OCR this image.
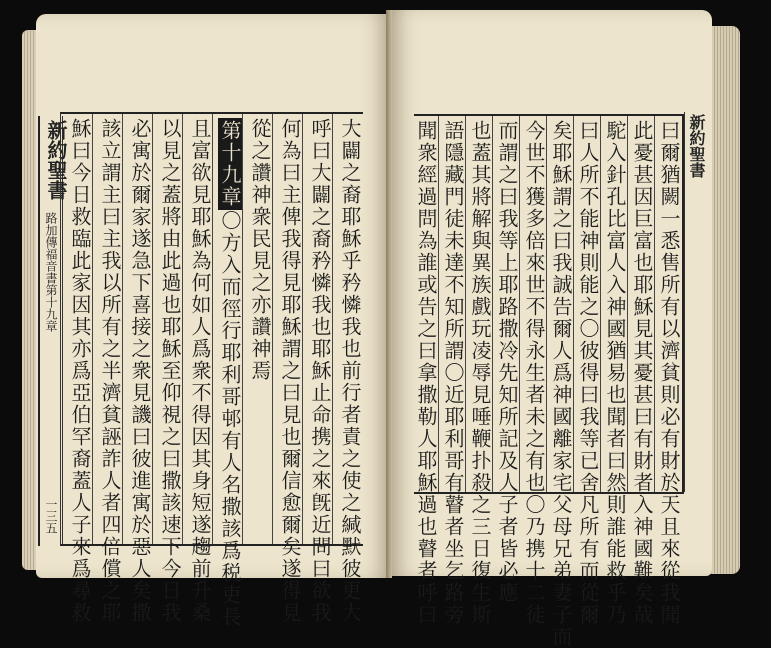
新約聖書
路加傳福音書第十九章
一三五	大闢之裔耶穌乎矜憐我也前行者責之使之緘默彼更大
呼曰大闢之裔矜憐我也耶穌止命携之來旣近問曰欲我
何為曰主俾我得見耶穌謂之曰見也爾信愈爾矣遂得見
從之讚神衆民見之亦讚神焉
第十九章〇方入而徑行耶利哥邨有人名撒該爲税吏長
且富欲見耶穌為何如人爲衆不得因其身短遂趨前升桑
以見之蓋將由此過也耶穌至仰視之曰撒該速下今日我
必寓於爾家遂急下喜接之衆見譏曰彼進寓於惡人矣撒
該立謂主曰主我以所有之半濟貧誣詐人者四倍償之耶
穌曰今日救臨此家因其亦爲亞伯罕裔蓋人子來爲尋救	曰爾猶闕一悉售所有以濟貧則必有財於天且來從我聞
此憂甚因巨富也耶穌見其憂甚曰有財者入神國難矣哉
駝入針孔比富人入神國猶易也聞者曰然則誰能救乎乃
曰人所不能神則能之〇彼得曰我等已舍凡所有而從爾
矣耶穌謂之曰我誠告爾人爲神國離家宅父母兄弟妻子而
今世不獲多倍來世不得永生者未之有也〇乃携十二徒
而謂之曰我等上耶路撒冷先知所記及人子者皆必應
也蓋其將解與異族戲玩凌辱見唾鞭扑殺之三日復生斯
語隱藏門徒未達不知所謂〇近耶利哥有瞽者坐乞路旁
聞衆經過問為誰或告之曰拿撒勒人耶穌過也瞽者呼曰	新約聖書
